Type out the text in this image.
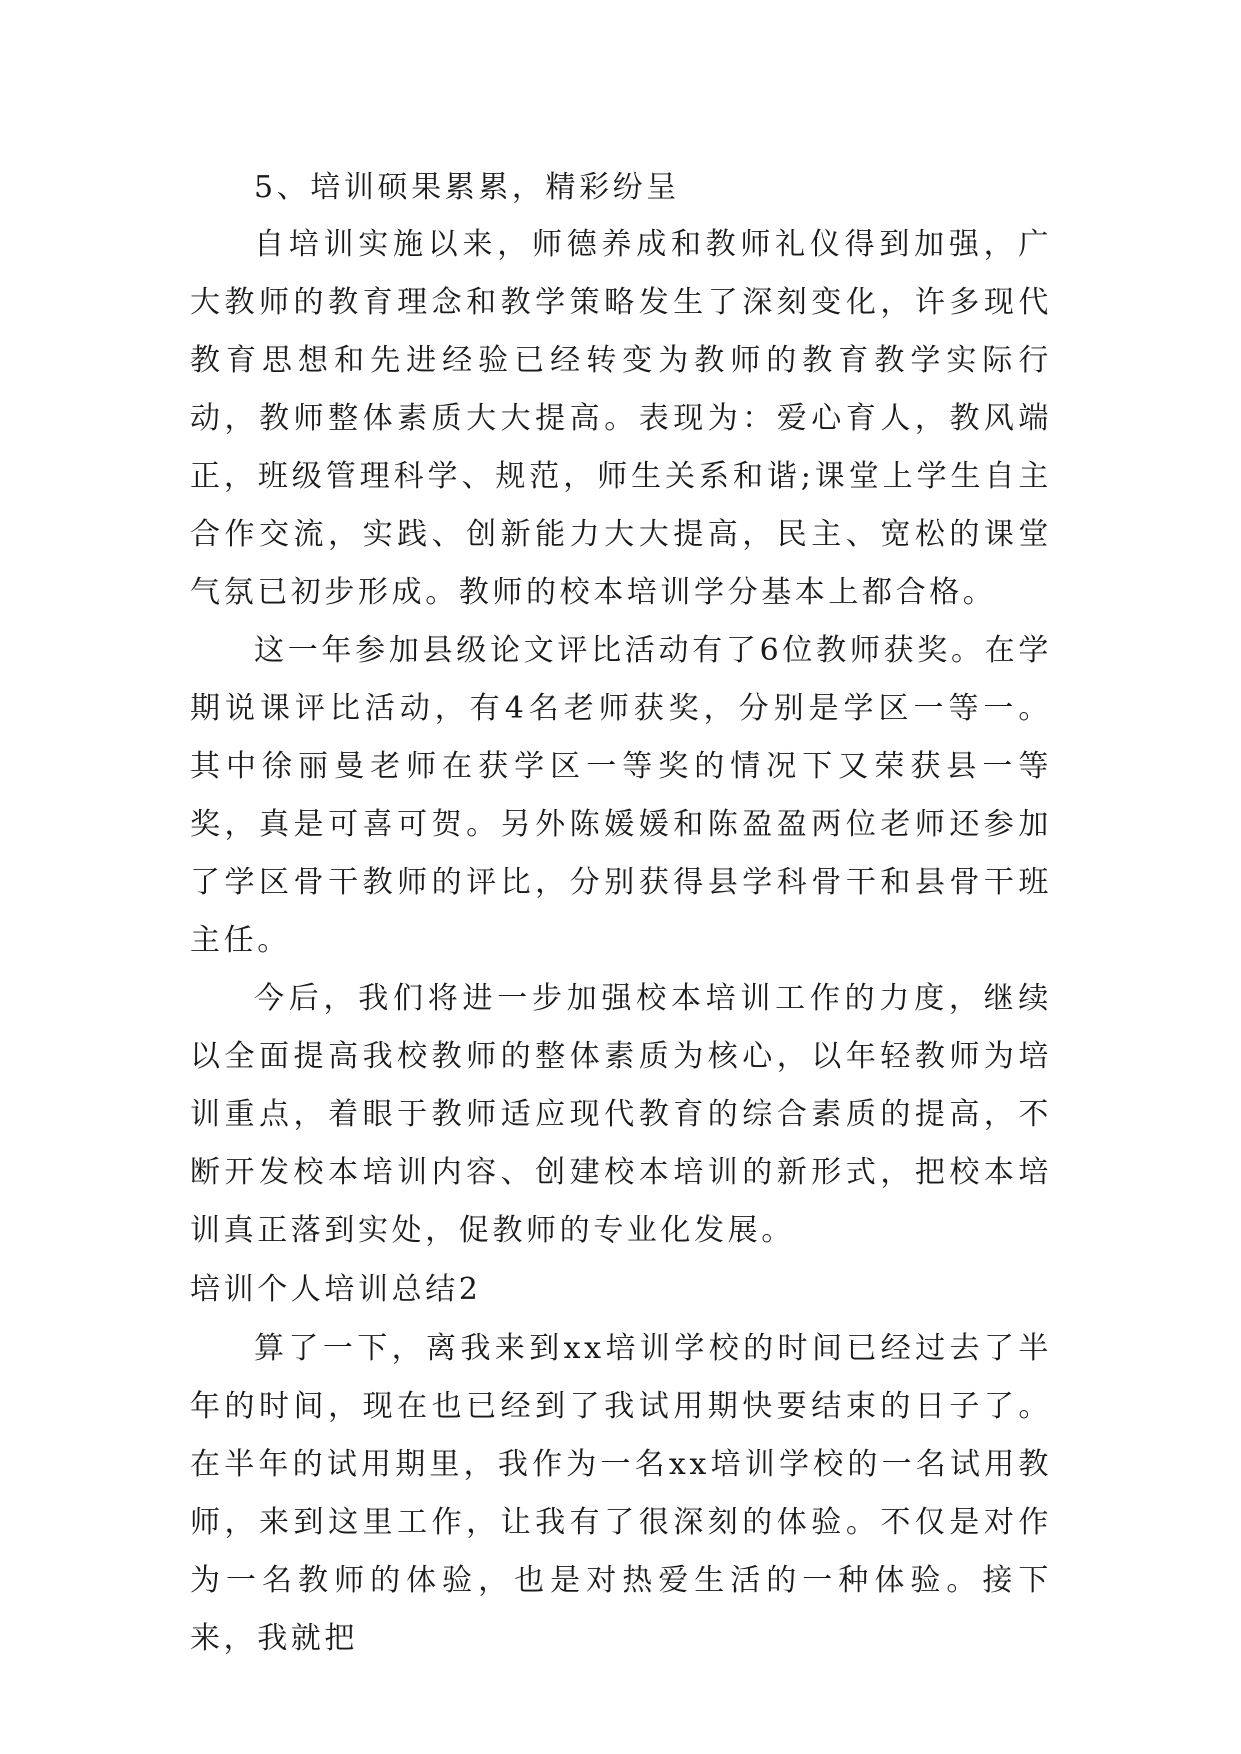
5、培训硕果累累，精彩纷呈

自培训实施以来，师德养成和教师礼仪得到加强，广大教师的教育理念和教学策略发生了深刻变化，许多现代教育思想和先进经验已经转变为教师的教育教学实际行动，教师整体素质大大提高。表现为：爱心育人，教风端正，班级管理科学、规范，师生关系和谐;课堂上学生自主合作交流，实践、创新能力大大提高，民主、宽松的课堂气氛已初步形成。教师的校本培训学分基本上都合格。

这一年参加县级论文评比活动有了6位教师获奖。在学期说课评比活动，有4名老师获奖，分别是学区一等一。其中徐丽曼老师在获学区一等奖的情况下又荣获县一等奖，真是可喜可贺。另外陈媛媛和陈盈盈两位老师还参加了学区骨干教师的评比，分别获得县学科骨干和县骨干班主任。

今后，我们将进一步加强校本培训工作的力度，继续以全面提高我校教师的整体素质为核心，以年轻教师为培训重点，着眼于教师适应现代教育的综合素质的提高，不断开发校本培训内容、创建校本培训的新形式，把校本培训真正落到实处，促教师的专业化发展。

培训个人培训总结2

算了一下，离我来到xx培训学校的时间已经过去了半年的时间，现在也已经到了我试用期快要结束的日子了。在半年的试用期里，我作为一名xx培训学校的一名试用教师，来到这里工作，让我有了很深刻的体验。不仅是对作为一名教师的体验，也是对热爱生活的一种体验。接下来，我就把
